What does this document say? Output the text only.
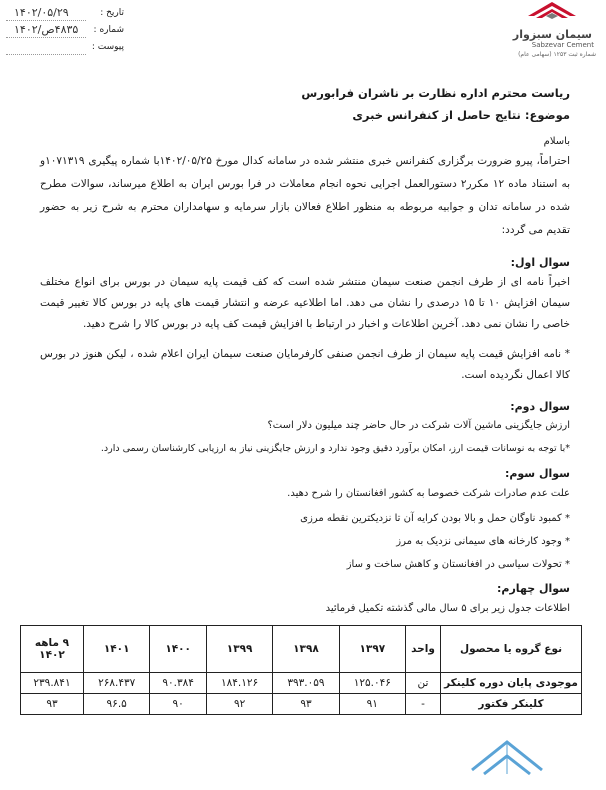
سیمان سبزوار
Sabzevar Cement
(سهامی عام) شماره ثبت ۱۲۵۳
تاریخ :
۱۴۰۲/۰۵/۲۹
شماره :
۴۸۳۵ص/۱۴۰۲
پیوست :
ریاست محترم اداره نظارت بر ناشران فرابورس
موضوع: نتایج حاصل از کنفرانس خبری
باسلام
احتراماً، پیرو ضرورت برگزاری کنفرانس خبری منتشر شده در سامانه کدال مورخ ۱۴۰۲/۰۵/۲۵با شماره پیگیری ۱۰۷۱۳۱۹و به استناد ماده ۱۲ مکرر۲ دستورالعمل اجرایی نحوه انجام معاملات در فرا بورس ایران به اطلاع میرساند، سوالات مطرح شده در سامانه تدان و جوابیه مربوطه به منظور اطلاع فعالان بازار سرمایه و سهامداران محترم به شرح زیر به حضور تقدیم می گردد:
سوال اول:
اخیراً نامه ای از طرف انجمن صنعت سیمان منتشر شده است که کف قیمت پایه سیمان در بورس برای انواع مختلف سیمان افزایش ۱۰ تا ۱۵ درصدی را نشان می دهد. اما اطلاعیه عرضه و انتشار قیمت های پایه در بورس کالا تغییر قیمت خاصی را نشان نمی دهد. آخرین اطلاعات و اخبار در ارتباط با افزایش قیمت کف پایه در بورس کالا را شرح دهید.
* نامه افزایش قیمت پایه سیمان از طرف انجمن صنفی کارفرمایان صنعت سیمان ایران اعلام شده ، لیکن هنوز در بورس کالا اعمال نگردیده است.
سوال دوم:
ارزش جایگزینی ماشین آلات شرکت در حال حاضر چند میلیون دلار است؟
*با توجه به نوسانات قیمت ارز، امکان برآورد دقیق وجود ندارد و ارزش جایگزینی نیاز به ارزیابی کارشناسان رسمی دارد.
سوال سوم:
علت عدم صادرات شرکت خصوصا به کشور افغانستان را شرح دهید.
* کمبود ناوگان حمل و بالا بودن کرایه آن تا نزدیکترین نقطه مرزی
* وجود کارخانه های سیمانی نزدیک به مرز
* تحولات سیاسی در افغانستان و کاهش ساخت و ساز
سوال چهارم:
اطلاعات جدول زیر برای ۵ سال مالی گذشته تکمیل فرمائید
نوع گروه یا محصول	واحد	۱۳۹۷	۱۳۹۸	۱۳۹۹	۱۴۰۰	۱۴۰۱	۹ ماهه ۱۴۰۲
موجودی پایان دوره کلینکر	تن	۱۲۵.۰۴۶	۳۹۳.۰۵۹	۱۸۴.۱۲۶	۹۰.۳۸۴	۲۶۸.۴۳۷	۲۳۹.۸۴۱
کلینکر فکتور	-	۹۱	۹۳	۹۲	۹۰	۹۶.۵	۹۳
